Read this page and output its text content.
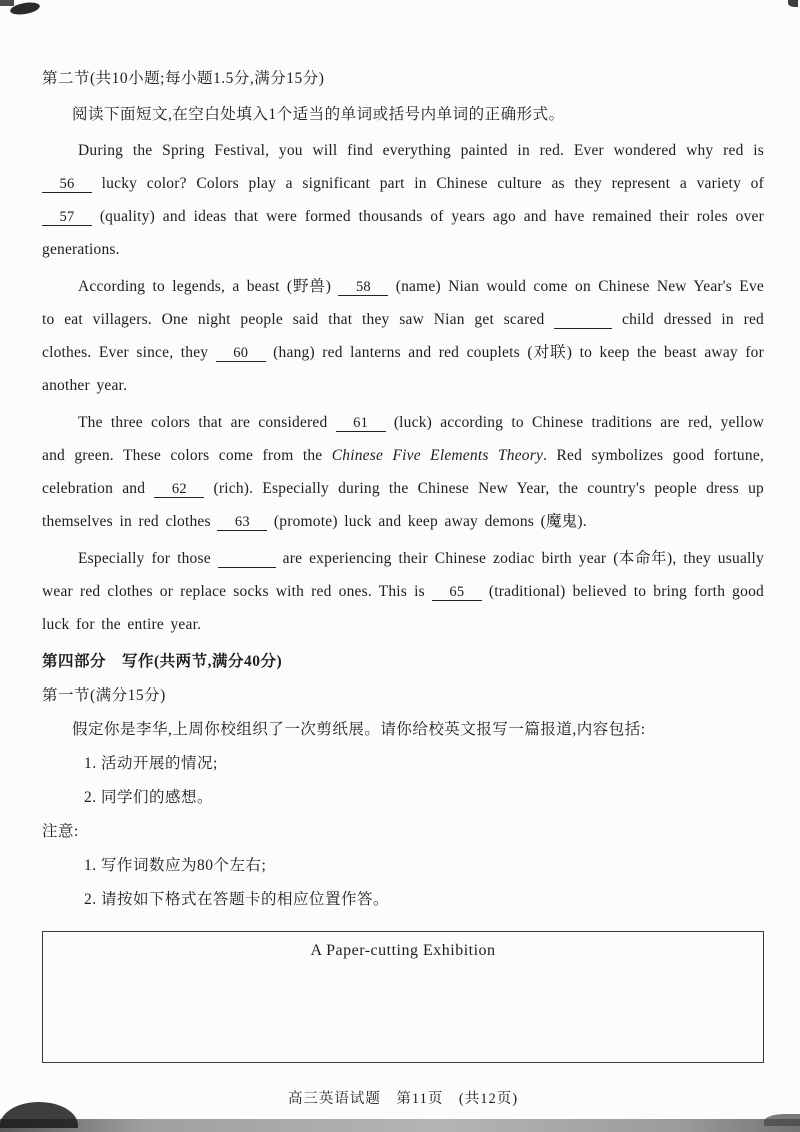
第二节(共10小题;每小题1.5分,满分15分)
阅读下面短文,在空白处填入1个适当的单词或括号内单词的正确形式。

During the Spring Festival, you will find everything painted in red. Ever wondered why red is 56 lucky color? Colors play a significant part in Chinese culture as they represent a variety of 57 (quality) and ideas that were formed thousands of years ago and have remained their roles over generations.

According to legends, a beast (野兽) 58 (name) Nian would come on Chinese New Year's Eve to eat villagers. One night people said that they saw Nian get scared	child dressed in red clothes. Ever since, they 60 (hang) red lanterns and red couplets (对联) to keep the beast away for another year.

The three colors that are considered 61 (luck) according to Chinese traditions are red, yellow and green. These colors come from the Chinese Five Elements Theory. Red symbolizes good fortune, celebration and 62 (rich). Especially during the Chinese New Year, the country's people dress up themselves in red clothes 63 (promote) luck and keep away demons (魔鬼).

Especially for those	are experiencing their Chinese zodiac birth year (本命年), they usually wear red clothes or replace socks with red ones. This is 65 (traditional) believed to bring forth good luck for the entire year.

第四部分　写作(共两节,满分40分)
第一节(满分15分)
假定你是李华,上周你校组织了一次剪纸展。请你给校英文报写一篇报道,内容包括:
1. 活动开展的情况;
2. 同学们的感想。
注意:
1. 写作词数应为80个左右;
2. 请按如下格式在答题卡的相应位置作答。
A Paper-cutting Exhibition
高三英语试题　第11页　(共12页)
